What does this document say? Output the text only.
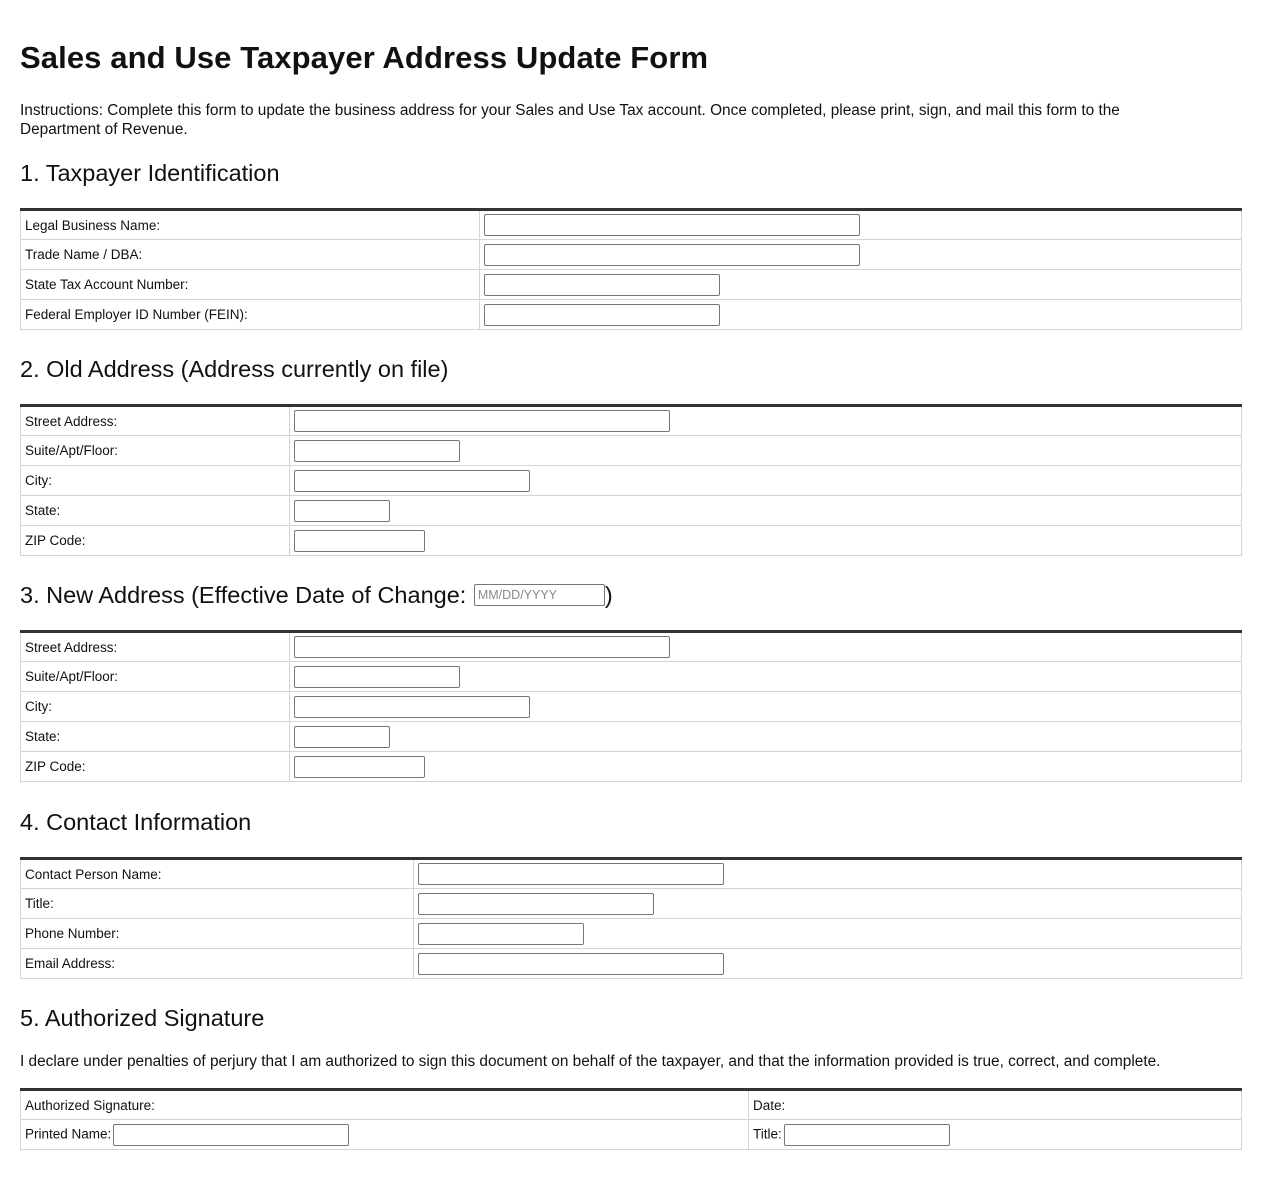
Sales and Use Taxpayer Address Update Form

Instructions: Complete this form to update the business address for your Sales and Use Tax account. Once completed, please print, sign, and mail this form to the Department of Revenue.

1. Taxpayer Identification
Legal Business Name:	

Trade Name / DBA:	

State Tax Account Number:	

Federal Employer ID Number (FEIN):	
2. Old Address (Address currently on file)
Street Address:	

Suite/Apt/Floor:	

City:	

State:	

ZIP Code:	
3. New Address (Effective Date of Change: MM/DD/YYYY )
Street Address:	

Suite/Apt/Floor:	

City:	

State:	

ZIP Code:	
4. Contact Information
Contact Person Name:	

Title:	

Phone Number:	

Email Address:	
5. Authorized Signature

I declare under penalties of perjury that I am authorized to sign this document on behalf of the taxpayer, and that the information provided is true, correct, and complete.

Authorized Signature:	Date:
Printed Name:	Title:
